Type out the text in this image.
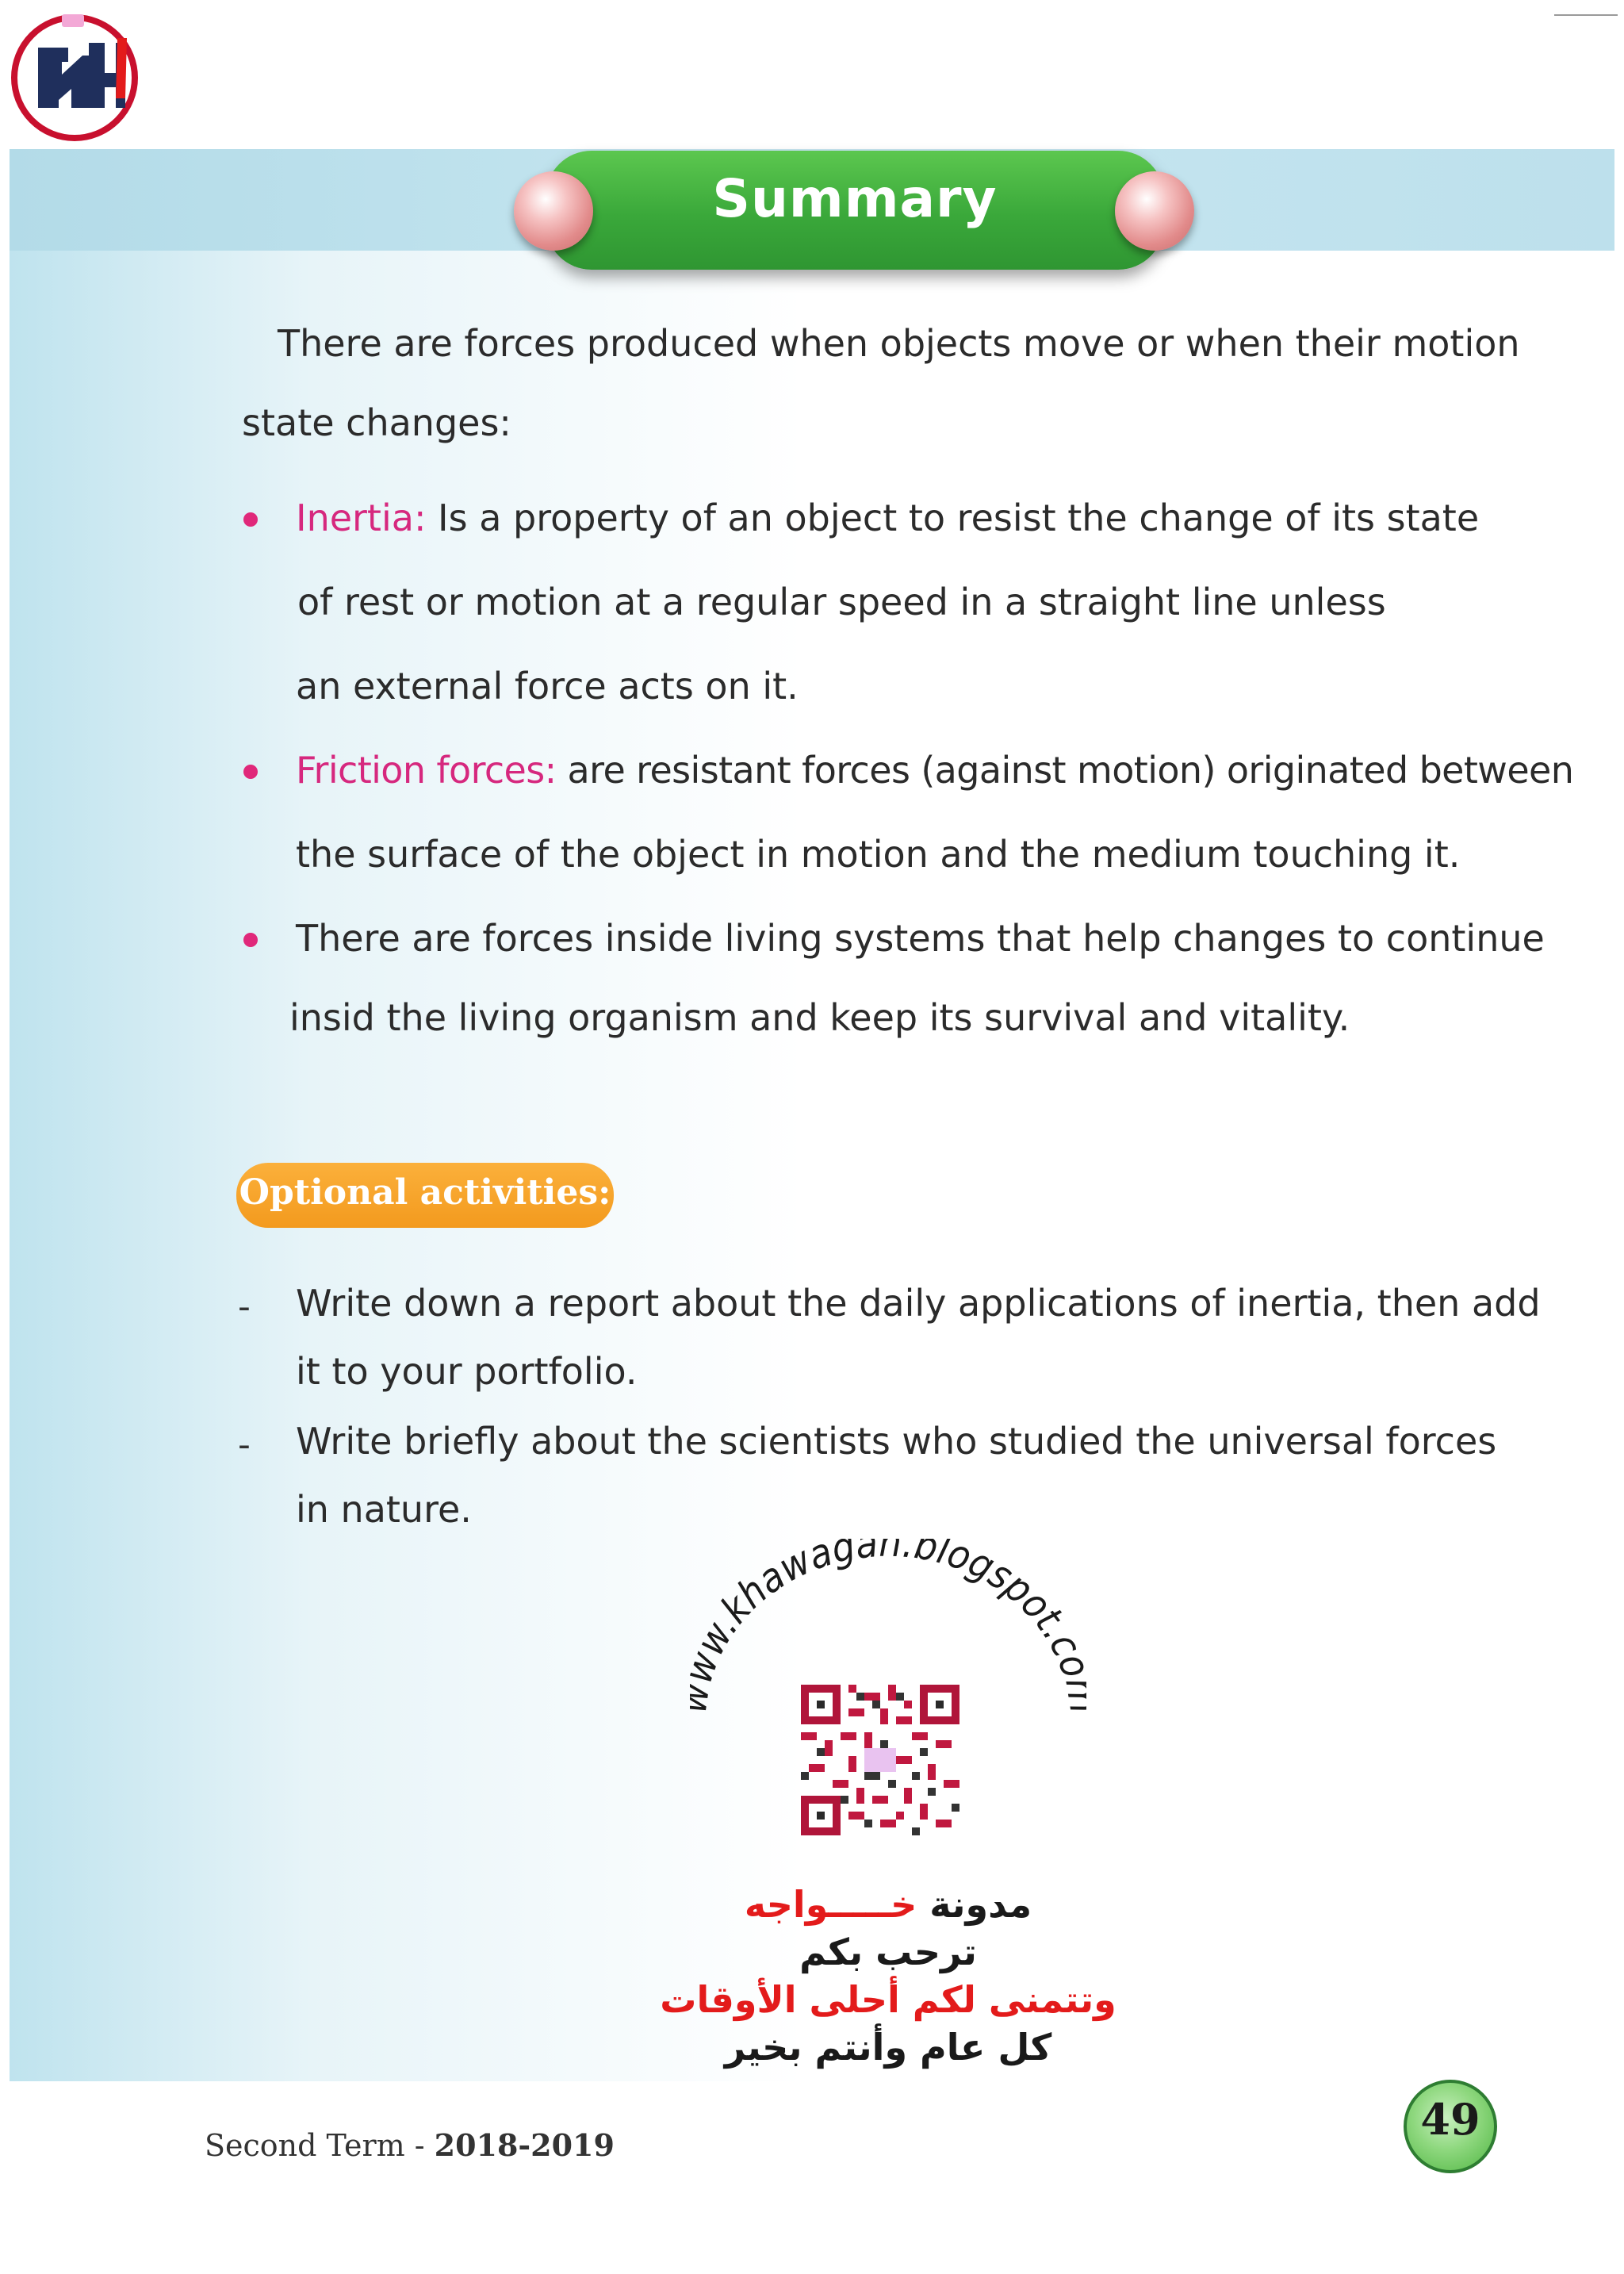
Summary
There are forces produced when objects move or when their motion
state changes:
Inertia: Is a property of an object to resist the change of its state
of rest or motion at a regular speed in a straight line unless
an external force acts on it.
Friction forces: are resistant forces (against motion) originated between
the surface of the object in motion and the medium touching it.
There are forces inside living systems that help changes to continue
insid the living organism and keep its survival and vitality.
Optional activities:
- Write down a report about the daily applications of inertia, then add
it to your portfolio.
- Write briefly about the scientists who studied the universal forces
in nature.
w.khawagah.blogspot.c
مدونة خـــــواجه
ترحب بكم
وتتمنى لكم أحلى الأوقات
كل عام وأنتم بخير
Second Term - 2018-2019
49
